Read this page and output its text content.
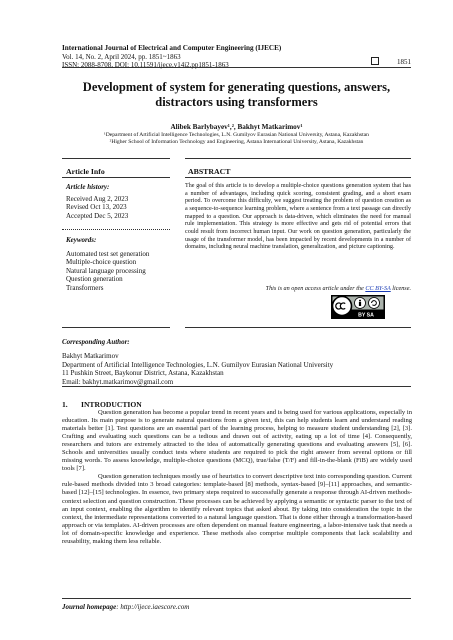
International Journal of Electrical and Computer Engineering (IJECE)
Vol. 14, No. 2, April 2024, pp. 1851~1863
ISSN: 2088-8708, DOI: 10.11591/ijece.v14i2.pp1851-1863	1851
Development of system for generating questions, answers,
distractors using transformers
Alibek Barlybayev¹,², Bakhyt Matkarimov¹
¹Department of Artificial Intelligence Technologies, L.N. Gumilyov Eurasian National University, Astana, Kazakhstan
²Higher School of Information Technology and Engineering, Astana International University, Astana, Kazakhstan
Article Info	ABSTRACT
Article history:
Received Aug 2, 2023
Revised Oct 13, 2023
Accepted Dec 5, 2023
Keywords:
Automated test set generation
Multiple-choice question
Natural language processing
Question generation
Transformers
The goal of this article is to develop a multiple-choice questions generation system that has a number of advantages, including quick scoring, consistent grading, and a short exam period. To overcome this difficulty, we suggest treating the problem of question creation as a sequence-to-sequence learning problem, where a sentence from a text passage can directly mapped to a question. Our approach is data-driven, which eliminates the need for manual rule implementation. This strategy is more effective and gets rid of potential errors that could result from incorrect human input. Our work on question generation, particularly the usage of the transformer model, has been impacted by recent developments in a number of domains, including neural machine translation, generalization, and picture captioning.
This is an open access article under the CC BY-SA license.
BY SA
Corresponding Author:
Bakhyt Matkarimov
Department of Artificial Intelligence Technologies, L.N. Gumilyov Eurasian National University
11 Pushkin Street, Baykonur District, Astana, Kazakhstan
Email: bakhyt.matkarimov@gmail.com
1.       INTRODUCTION

Question generation has become a popular trend in recent years and is being used for various applications, especially in education. Its main purpose is to generate natural questions from a given text, this can help students learn and understand reading materials better [1]. Test questions are an essential part of the learning process, helping to measure student understanding [2], [3]. Crafting and evaluating such questions can be a tedious and drawn out of activity, eating up a lot of time [4]. Consequently, researchers and tutors are extremely attracted to the idea of automatically generating questions and evaluating answers [5], [6]. Schools and universities usually conduct tests where students are required to pick the right answer from several options or fill missing words. To assess knowledge, multiple-choice questions (MCQ), true/false (T/F) and fill-in-the-blank (FiB) are widely used tools [7].

Question generation techniques mostly use of heuristics to convert descriptive text into corresponding question. Current rule-based methods divided into 3 broad categories: template-based [8] methods, syntax-based [9]–[11] approaches, and semantic-based [12]–[15] technologies. In essence, two primary steps required to successfully generate a response through AI-driven methods-context selection and question construction. These processes can be achieved by applying a semantic or syntactic parser to the text of an input context, enabling the algorithm to identify relevant topics that asked about. By taking into consideration the topic in the context, the intermediate representations converted to a natural language question. That is done either through a transformation-based approach or via templates. AI-driven processes are often dependent on manual feature engineering, a labor-intensive task that needs a lot of domain-specific knowledge and experience. These methods also comprise multiple components that lack scalability and reusability, making them less reliable.

Journal homepage: http://ijece.iaescore.com
